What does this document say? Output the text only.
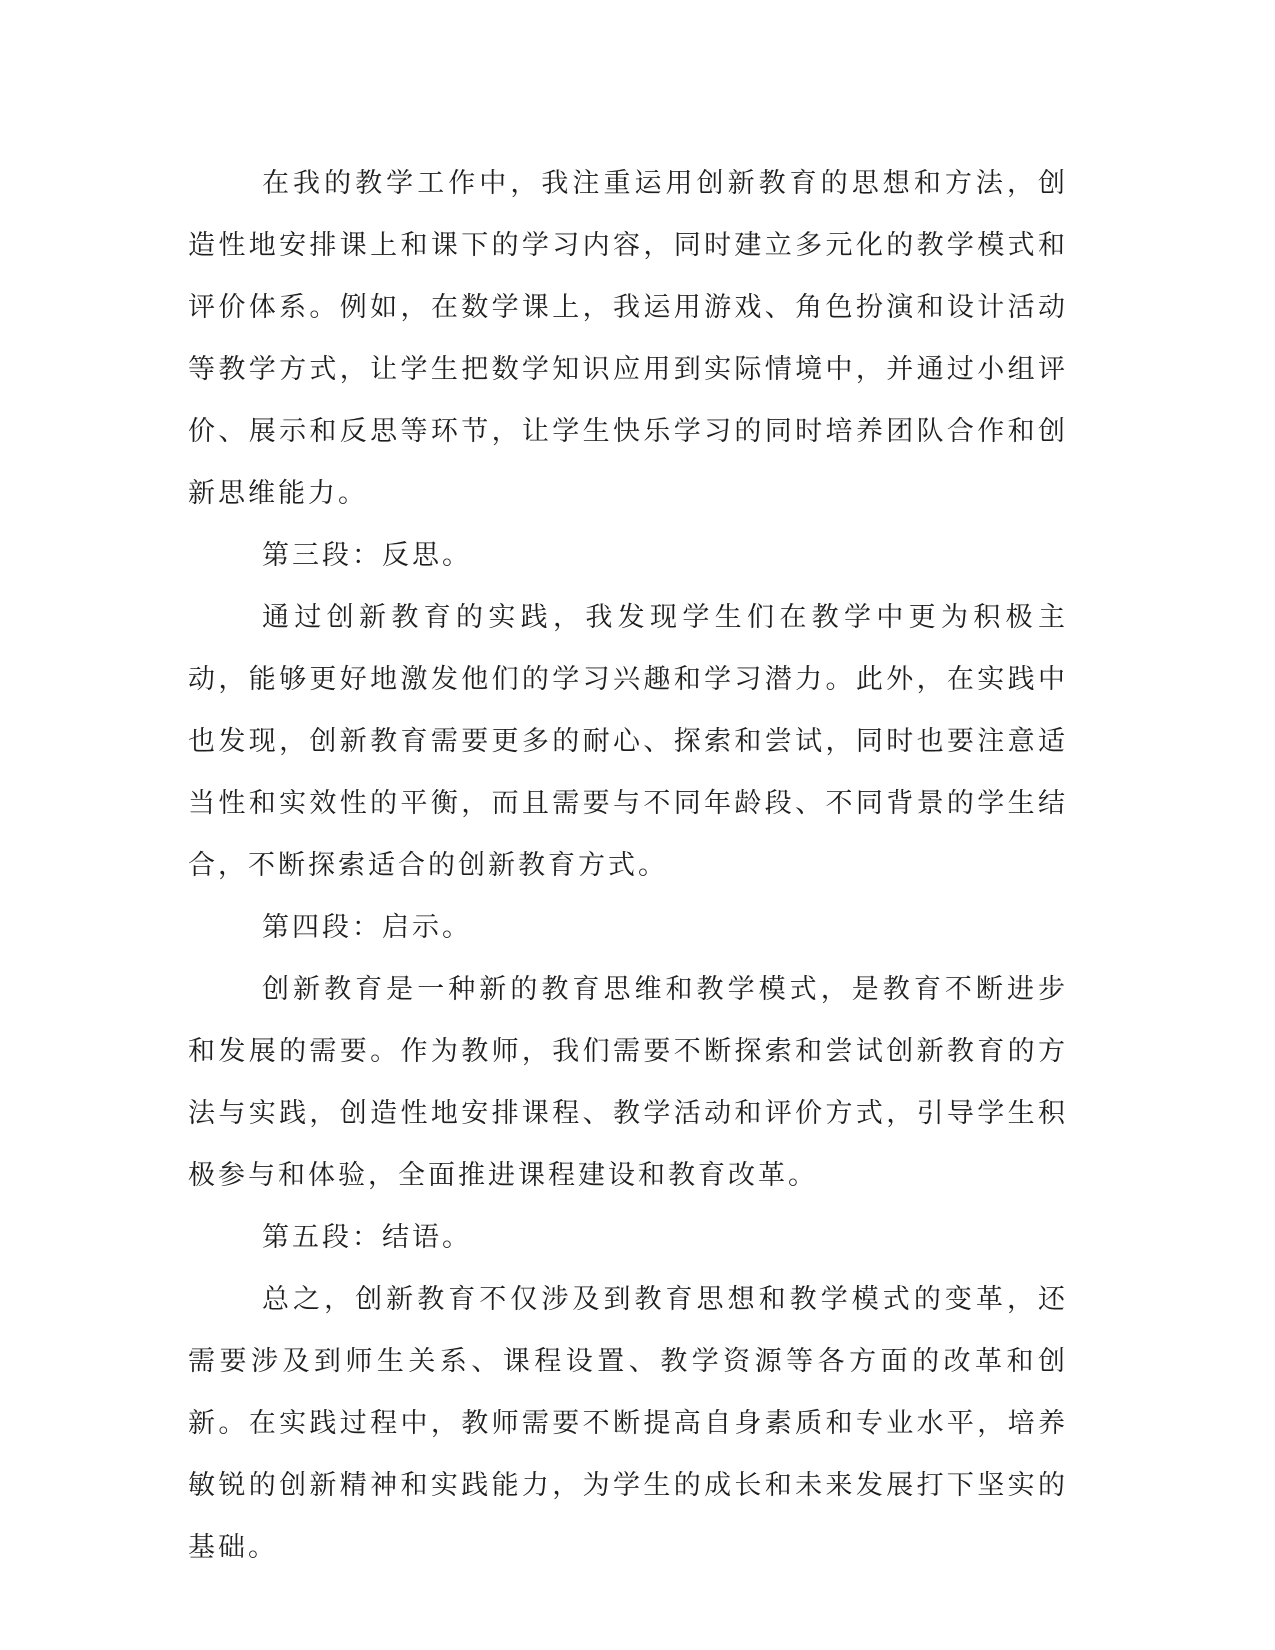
在我的教学工作中，我注重运用创新教育的思想和方法，创造性地安排课上和课下的学习内容，同时建立多元化的教学模式和评价体系。例如，在数学课上，我运用游戏、角色扮演和设计活动等教学方式，让学生把数学知识应用到实际情境中，并通过小组评价、展示和反思等环节，让学生快乐学习的同时培养团队合作和创新思维能力。

第三段：反思。

通过创新教育的实践，我发现学生们在教学中更为积极主动，能够更好地激发他们的学习兴趣和学习潜力。此外，在实践中也发现，创新教育需要更多的耐心、探索和尝试，同时也要注意适当性和实效性的平衡，而且需要与不同年龄段、不同背景的学生结合，不断探索适合的创新教育方式。

第四段：启示。

创新教育是一种新的教育思维和教学模式，是教育不断进步和发展的需要。作为教师，我们需要不断探索和尝试创新教育的方法与实践，创造性地安排课程、教学活动和评价方式，引导学生积极参与和体验，全面推进课程建设和教育改革。

第五段：结语。

总之，创新教育不仅涉及到教育思想和教学模式的变革，还需要涉及到师生关系、课程设置、教学资源等各方面的改革和创新。在实践过程中，教师需要不断提高自身素质和专业水平，培养敏锐的创新精神和实践能力，为学生的成长和未来发展打下坚实的基础。
